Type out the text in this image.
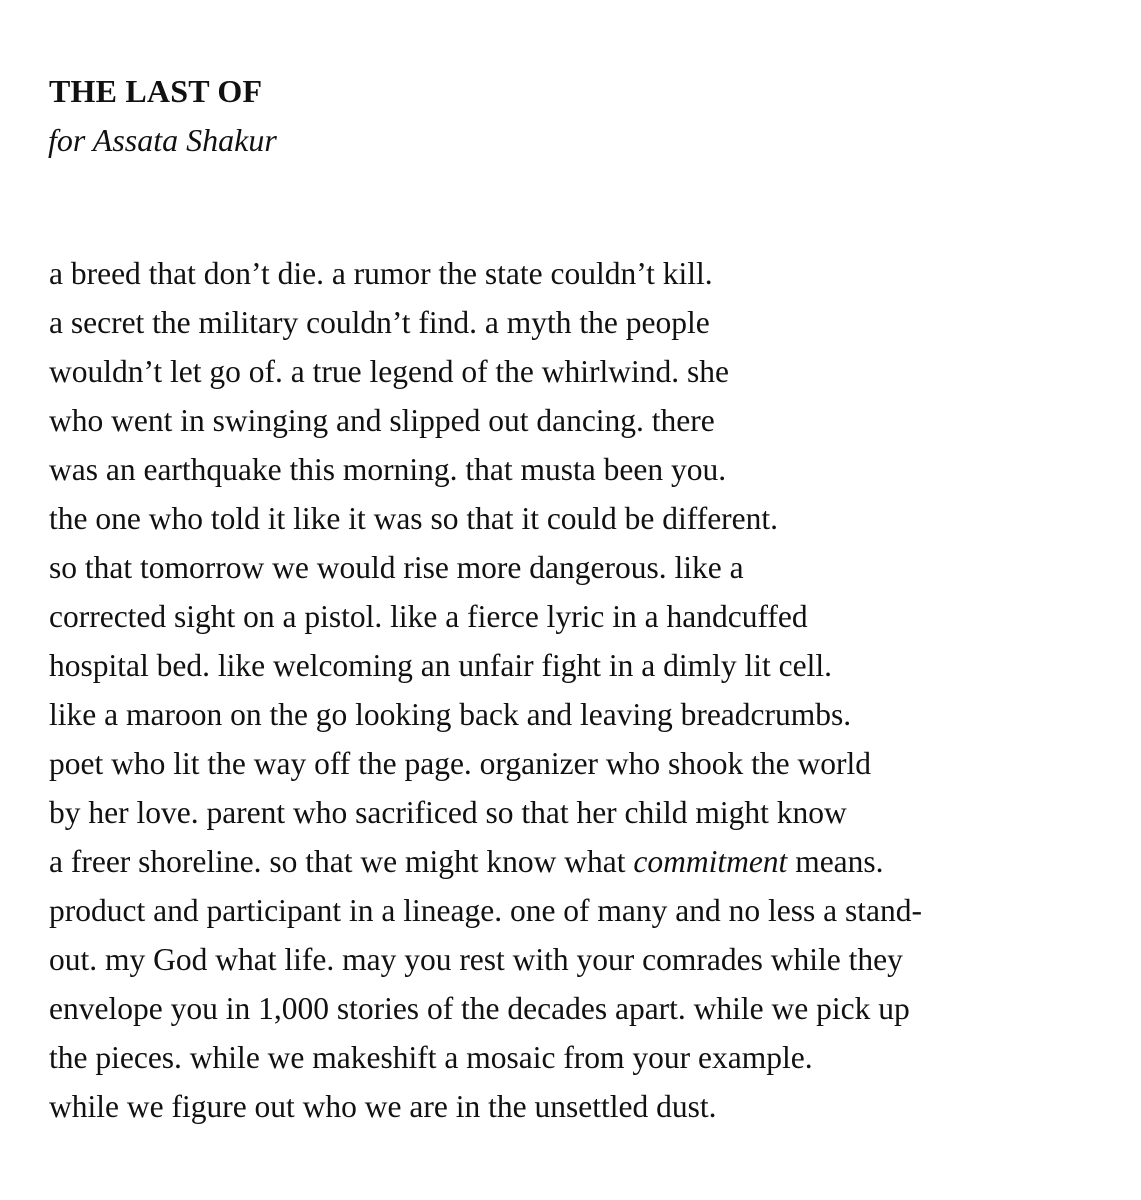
THE LAST OF

for Assata Shakur

a breed that don’t die. a rumor the state couldn’t kill.
a secret the military couldn’t find. a myth the people
wouldn’t let go of. a true legend of the whirlwind. she
who went in swinging and slipped out dancing. there
was an earthquake this morning. that musta been you.
the one who told it like it was so that it could be different.
so that tomorrow we would rise more dangerous. like a
corrected sight on a pistol. like a fierce lyric in a handcuffed
hospital bed. like welcoming an unfair fight in a dimly lit cell.
like a maroon on the go looking back and leaving breadcrumbs.
poet who lit the way off the page. organizer who shook the world
by her love. parent who sacrificed so that her child might know
a freer shoreline. so that we might know what commitment means.
product and participant in a lineage. one of many and no less a stand-
out. my God what life. may you rest with your comrades while they
envelope you in 1,000 stories of the decades apart. while we pick up
the pieces. while we makeshift a mosaic from your example.
while we figure out who we are in the unsettled dust.
